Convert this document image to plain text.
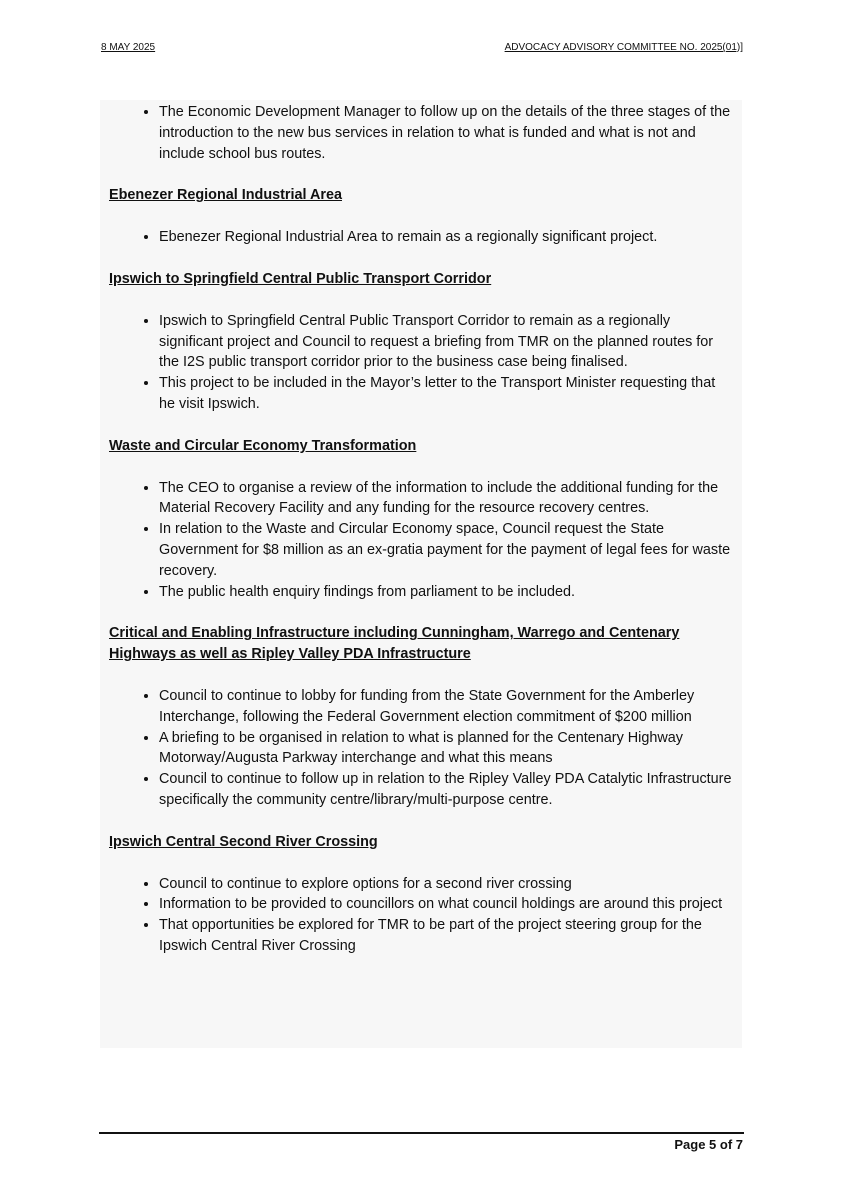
8 MAY 2025	ADVOCACY ADVISORY COMMITTEE NO. 2025(01)]
• The Economic Development Manager to follow up on the details of the three stages of the introduction to the new bus services in relation to what is funded and what is not and include school bus routes.

Ebenezer Regional Industrial Area

• Ebenezer Regional Industrial Area to remain as a regionally significant project.

Ipswich to Springfield Central Public Transport Corridor

• Ipswich to Springfield Central Public Transport Corridor to remain as a regionally significant project and Council to request a briefing from TMR on the planned routes for the I2S public transport corridor prior to the business case being finalised.
• This project to be included in the Mayor’s letter to the Transport Minister requesting that he visit Ipswich.

Waste and Circular Economy Transformation

• The CEO to organise a review of the information to include the additional funding for the Material Recovery Facility and any funding for the resource recovery centres.
• In relation to the Waste and Circular Economy space, Council request the State Government for $8 million as an ex-gratia payment for the payment of legal fees for waste recovery.
• The public health enquiry findings from parliament to be included.

Critical and Enabling Infrastructure including Cunningham, Warrego and Centenary Highways as well as Ripley Valley PDA Infrastructure

• Council to continue to lobby for funding from the State Government for the Amberley Interchange, following the Federal Government election commitment of $200 million
• A briefing to be organised in relation to what is planned for the Centenary Highway Motorway/Augusta Parkway interchange and what this means
• Council to continue to follow up in relation to the Ripley Valley PDA Catalytic Infrastructure specifically the community centre/library/multi-purpose centre.

Ipswich Central Second River Crossing

• Council to continue to explore options for a second river crossing
• Information to be provided to councillors on what council holdings are around this project
• That opportunities be explored for TMR to be part of the project steering group for the Ipswich Central River Crossing
Page 5 of 7
